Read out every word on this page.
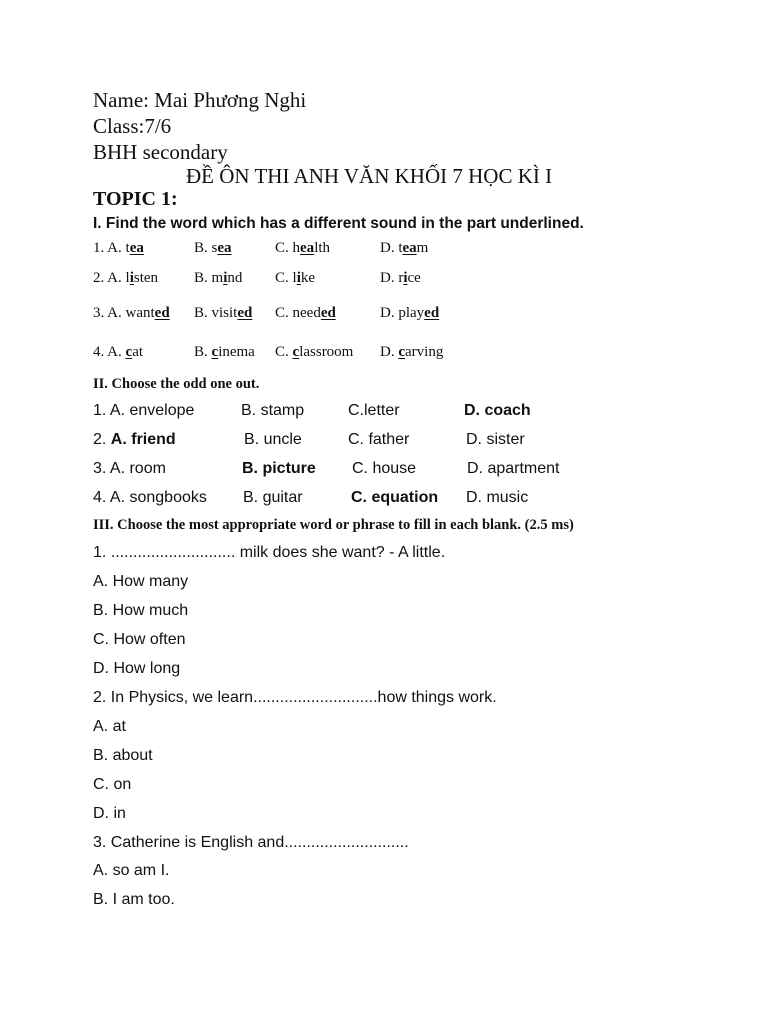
Name: Mai Phương Nghi
Class:7/6
BHH secondary
ĐỀ ÔN THI ANH VĂN KHỐI 7 HỌC KÌ I
TOPIC 1:
I. Find the word which has a different sound in the part underlined.
1. A. tea	B. sea	C. health	D. team
2. A. listen B. mind C. like	D. rice
3. A. wanted B. visited C. needed	D. played
4. A. cat	B. cinema C. classroom D. carving
II. Choose the odd one out.
1. A. envelope	B. stamp	C.letter	D. coach
2. A. friend	B. uncle	C. father	D. sister
3. A. room	B. picture C. house	D. apartment
4. A. songbooks B. guitar	C. equation D. music
III. Choose the most appropriate word or phrase to fill in each blank. (2.5 ms)
1. ............................ milk does she want? - A little.
A. How many
B. How much
C. How often
D. How long
2. In Physics, we learn............................how things work.
A. at
B. about
C. on
D. in
3. Catherine is English and............................
A. so am I.
B. I am too.
